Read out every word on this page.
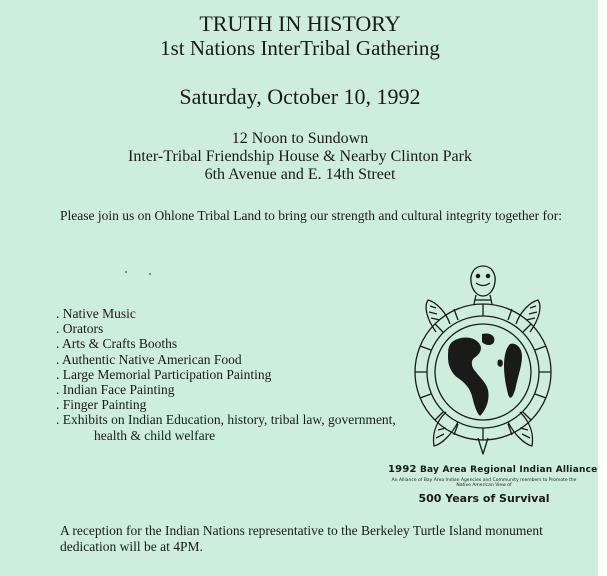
TRUTH IN HISTORY
1st Nations InterTribal Gathering
Saturday, October 10, 1992
12 Noon to Sundown
Inter-Tribal Friendship House & Nearby Clinton Park
6th Avenue and E. 14th Street
Please join us on Ohlone Tribal Land to bring our strength and cultural integrity together for:
. Native Music
. Orators
. Arts & Crafts Booths
. Authentic Native American Food
. Large Memorial Participation Painting
. Indian Face Painting
. Finger Painting
. Exhibits on Indian Education, history, tribal law, government,
health & child welfare
1992 Bay Area Regional Indian Alliance
An Alliance of Bay Area Indian Agencies and Community members to Promote the Native American View of
500 Years of Survival
A reception for the Indian Nations representative to the Berkeley Turtle Island monument dedication will be at 4PM.
